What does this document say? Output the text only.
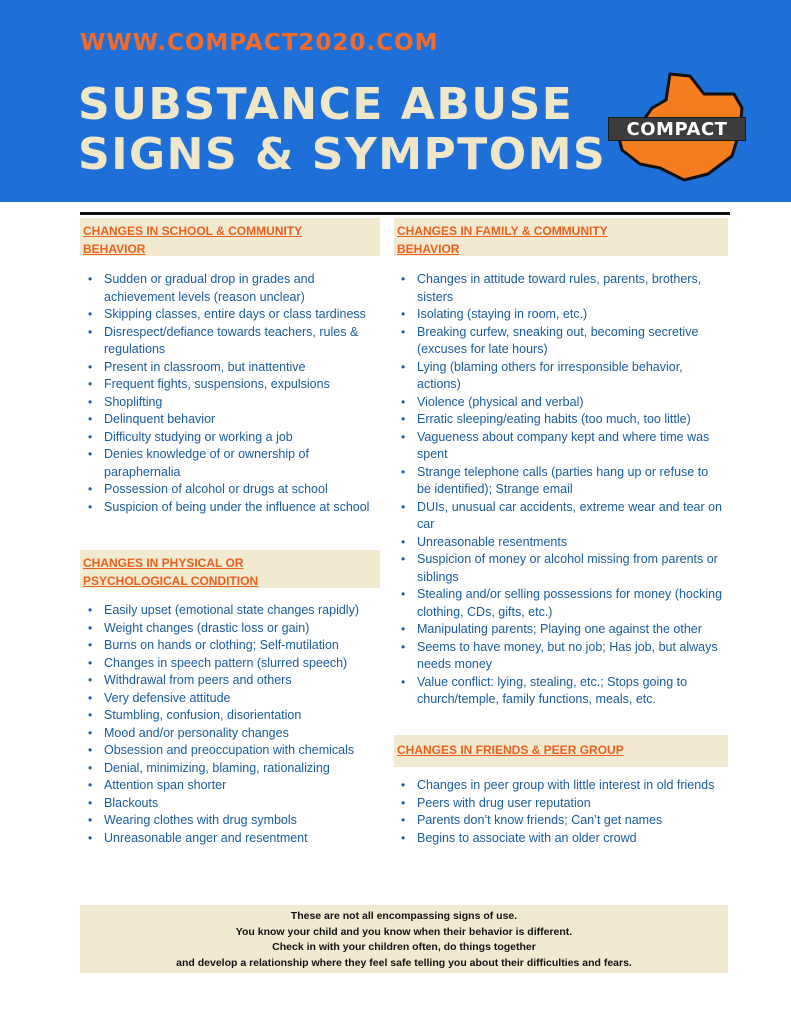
WWW.COMPACT2020.COM
SUBSTANCE ABUSE
SIGNS & SYMPTOMS	COMPACT
CHANGES IN SCHOOL & COMMUNITY
BEHAVIOR
• Sudden or gradual drop in grades and
achievement levels (reason unclear)
• Skipping classes, entire days or class tardiness
• Disrespect/defiance towards teachers, rules &
regulations
• Present in classroom, but inattentive
• Frequent fights, suspensions, expulsions
• Shoplifting
• Delinquent behavior
• Difficulty studying or working a job
• Denies knowledge of or ownership of
paraphernalia
• Possession of alcohol or drugs at school
• Suspicion of being under the influence at school
CHANGES IN PHYSICAL OR
PSYCHOLOGICAL CONDITION
• Easily upset (emotional state changes rapidly)
• Weight changes (drastic loss or gain)
• Burns on hands or clothing; Self-mutilation
• Changes in speech pattern (slurred speech)
• Withdrawal from peers and others
• Very defensive attitude
• Stumbling, confusion, disorientation
• Mood and/or personality changes
• Obsession and preoccupation with chemicals
• Denial, minimizing, blaming, rationalizing
• Attention span shorter
• Blackouts
• Wearing clothes with drug symbols
• Unreasonable anger and resentment
CHANGES IN FAMILY & COMMUNITY
BEHAVIOR
• Changes in attitude toward rules, parents, brothers,
sisters
• Isolating (staying in room, etc.)
• Breaking curfew, sneaking out, becoming secretive
(excuses for late hours)
• Lying (blaming others for irresponsible behavior,
actions)
• Violence (physical and verbal)
• Erratic sleeping/eating habits (too much, too little)
• Vagueness about company kept and where time was
spent
• Strange telephone calls (parties hang up or refuse to
be identified); Strange email
• DUIs, unusual car accidents, extreme wear and tear on
car
• Unreasonable resentments
• Suspicion of money or alcohol missing from parents or
siblings
• Stealing and/or selling possessions for money (hocking
clothing, CDs, gifts, etc.)
• Manipulating parents; Playing one against the other
• Seems to have money, but no job; Has job, but always
needs money
• Value conflict: lying, stealing, etc.; Stops going to
church/temple, family functions, meals, etc.
CHANGES IN FRIENDS & PEER GROUP
• Changes in peer group with little interest in old friends
• Peers with drug user reputation
• Parents don’t know friends; Can’t get names
• Begins to associate with an older crowd
These are not all encompassing signs of use.
You know your child and you know when their behavior is different.
Check in with your children often, do things together
and develop a relationship where they feel safe telling you about their difficulties and fears.
